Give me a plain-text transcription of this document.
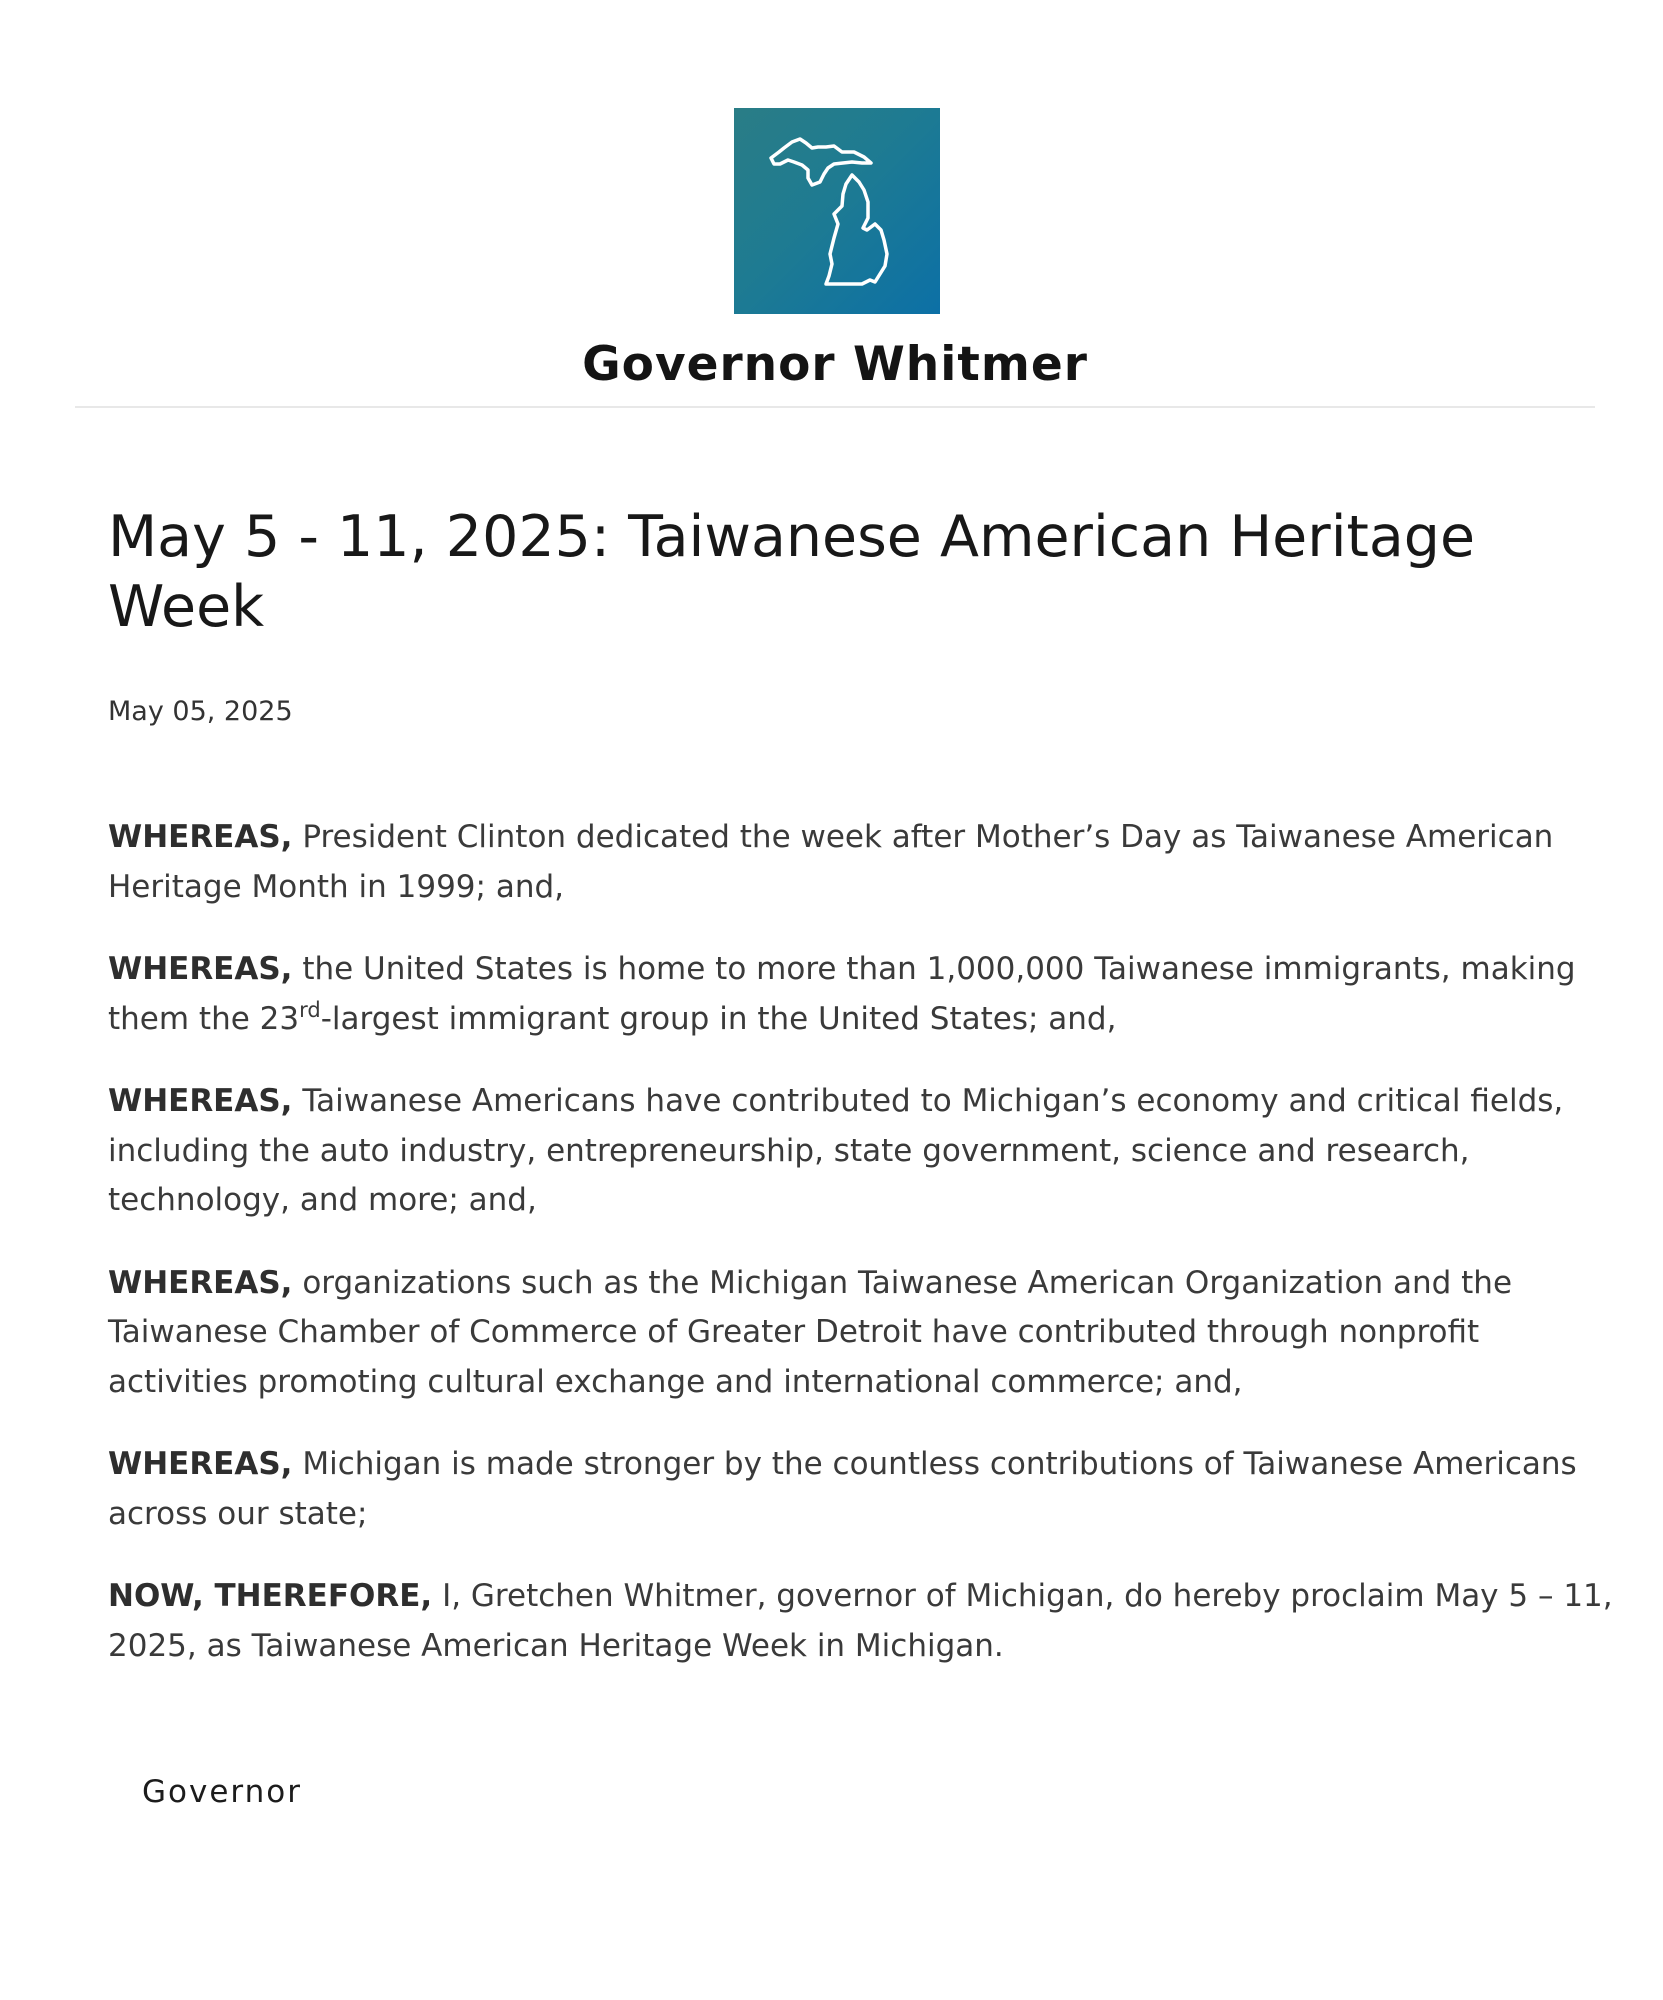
Governor Whitmer
May 5 - 11, 2025: Taiwanese American Heritage Week
May 05, 2025

WHEREAS, President Clinton dedicated the week after Mother’s Day as Taiwanese American Heritage Month in 1999; and,

WHEREAS, the United States is home to more than 1,000,000 Taiwanese immigrants, making them the 23rd-largest immigrant group in the United States; and,

WHEREAS, Taiwanese Americans have contributed to Michigan’s economy and critical fields, including the auto industry, entrepreneurship, state government, science and research, technology, and more; and,

WHEREAS, organizations such as the Michigan Taiwanese American Organization and the Taiwanese Chamber of Commerce of Greater Detroit have contributed through nonprofit activities promoting cultural exchange and international commerce; and,

WHEREAS, Michigan is made stronger by the countless contributions of Taiwanese Americans across our state;

NOW, THEREFORE, I, Gretchen Whitmer, governor of Michigan, do hereby proclaim May 5 – 11, 2025, as Taiwanese American Heritage Week in Michigan.

Governor
